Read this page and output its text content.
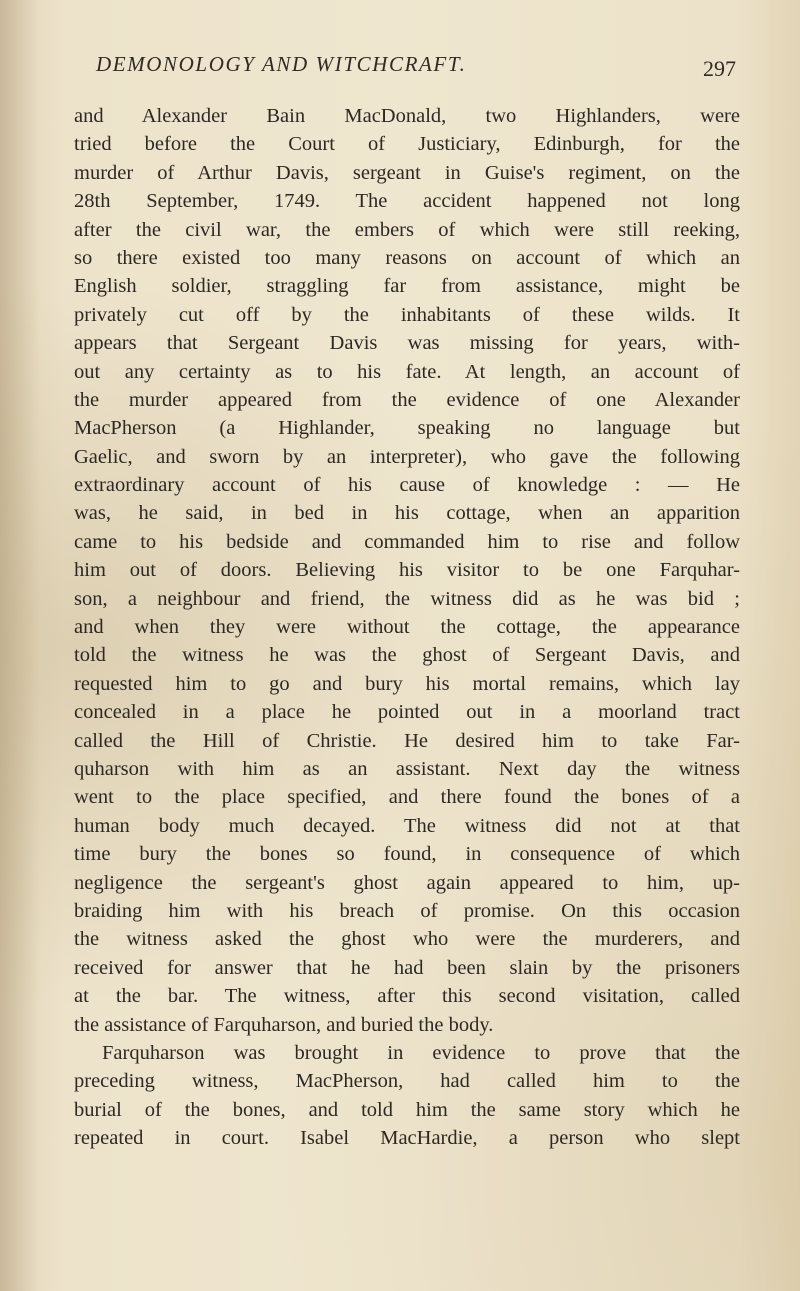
DEMONOLOGY AND WITCHCRAFT.	297
and Alexander Bain MacDonald, two Highlanders, were
tried before the Court of Justiciary, Edinburgh, for the
murder of Arthur Davis, sergeant in Guise's regiment, on the
28th September, 1749. The accident happened not long
after the civil war, the embers of which were still reeking,
so there existed too many reasons on account of which an
English soldier, straggling far from assistance, might be
privately cut off by the inhabitants of these wilds. It
appears that Sergeant Davis was missing for years, with-
out any certainty as to his fate. At length, an account of
the murder appeared from the evidence of one Alexander
MacPherson (a Highlander, speaking no language but
Gaelic, and sworn by an interpreter), who gave the following
extraordinary account of his cause of knowledge : — He
was, he said, in bed in his cottage, when an apparition
came to his bedside and commanded him to rise and follow
him out of doors. Believing his visitor to be one Farquhar-
son, a neighbour and friend, the witness did as he was bid ;
and when they were without the cottage, the appearance
told the witness he was the ghost of Sergeant Davis, and
requested him to go and bury his mortal remains, which lay
concealed in a place he pointed out in a moorland tract
called the Hill of Christie. He desired him to take Far-
quharson with him as an assistant. Next day the witness
went to the place specified, and there found the bones of a
human body much decayed. The witness did not at that
time bury the bones so found, in consequence of which
negligence the sergeant's ghost again appeared to him, up-
braiding him with his breach of promise. On this occasion
the witness asked the ghost who were the murderers, and
received for answer that he had been slain by the prisoners
at the bar. The witness, after this second visitation, called
the assistance of Farquharson, and buried the body.
Farquharson was brought in evidence to prove that the
preceding witness, MacPherson, had called him to the
burial of the bones, and told him the same story which he
repeated in court. Isabel MacHardie, a person who slept
